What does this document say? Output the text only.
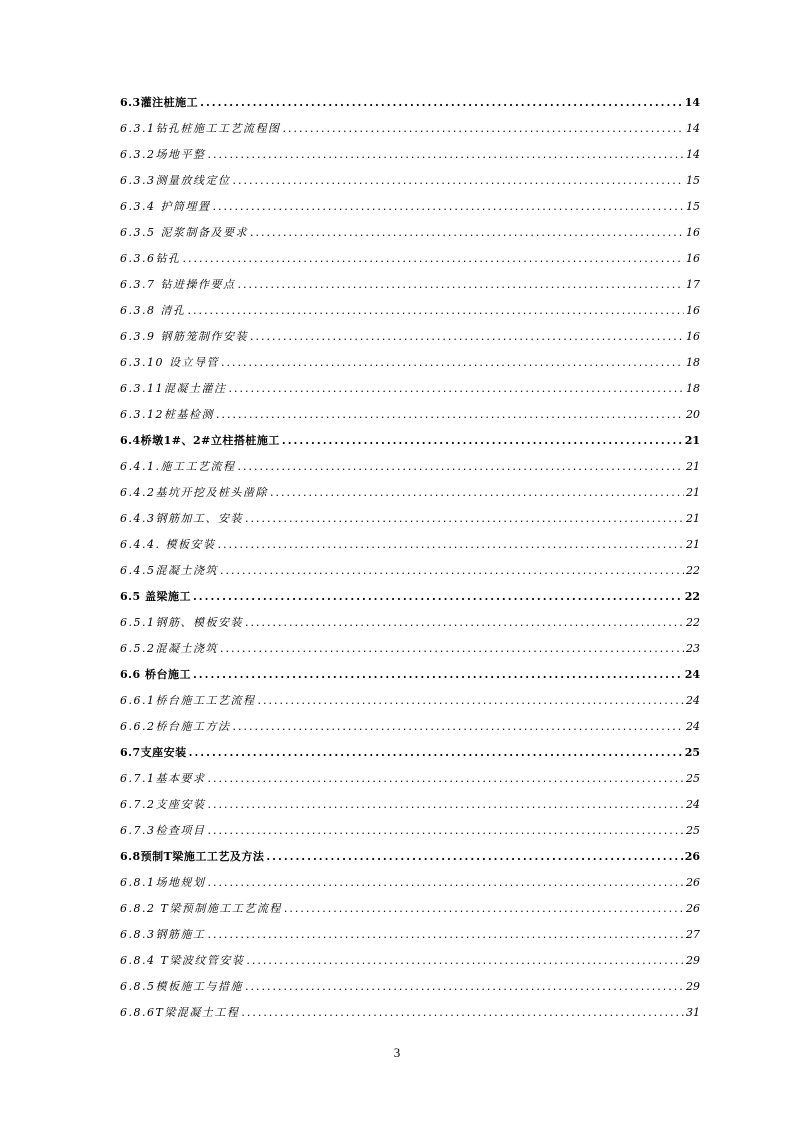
6.3灌注桩施工 .....	14
6.3.1钻孔桩施工工艺流程图 .....	14
6.3.2场地平整 .....	14
6.3.3测量放线定位 .....	15
6.3.4 护筒埋置 .....	15
6.3.5 泥浆制备及要求 .....	16
6.3.6钻孔 .....	16
6.3.7 钻进操作要点 .....	17
6.3.8 清孔 .....	16
6.3.9 钢筋笼制作安装 .....	16
6.3.10 设立导管 .....	18
6.3.11混凝土灌注 .....	18
6.3.12桩基检测 .....	20
6.4桥墩1#、2#立柱搭桩施工 .....	21
6.4.1.施工工艺流程 .....	21
6.4.2基坑开挖及桩头凿除 .....	21
6.4.3钢筋加工、安装 .....	21
6.4.4. 模板安装 .....	21
6.4.5混凝土浇筑 .....	22
6.5 盖梁施工 .....	22
6.5.1钢筋、模板安装 .....	22
6.5.2混凝土浇筑 .....	23
6.6 桥台施工 .....	24
6.6.1桥台施工工艺流程 .....	24
6.6.2桥台施工方法 .....	24
6.7支座安装 .....	25
6.7.1基本要求 .....	25
6.7.2支座安装 .....	24
6.7.3检查项目 .....	25
6.8预制T梁施工工艺及方法 .....	26
6.8.1场地规划 .....	26
6.8.2 T梁预制施工工艺流程 .....	26
6.8.3钢筋施工 .....	27
6.8.4 T梁波纹管安装 .....	29
6.8.5模板施工与措施 .....	29
6.8.6T梁混凝土工程 .....	31
3
